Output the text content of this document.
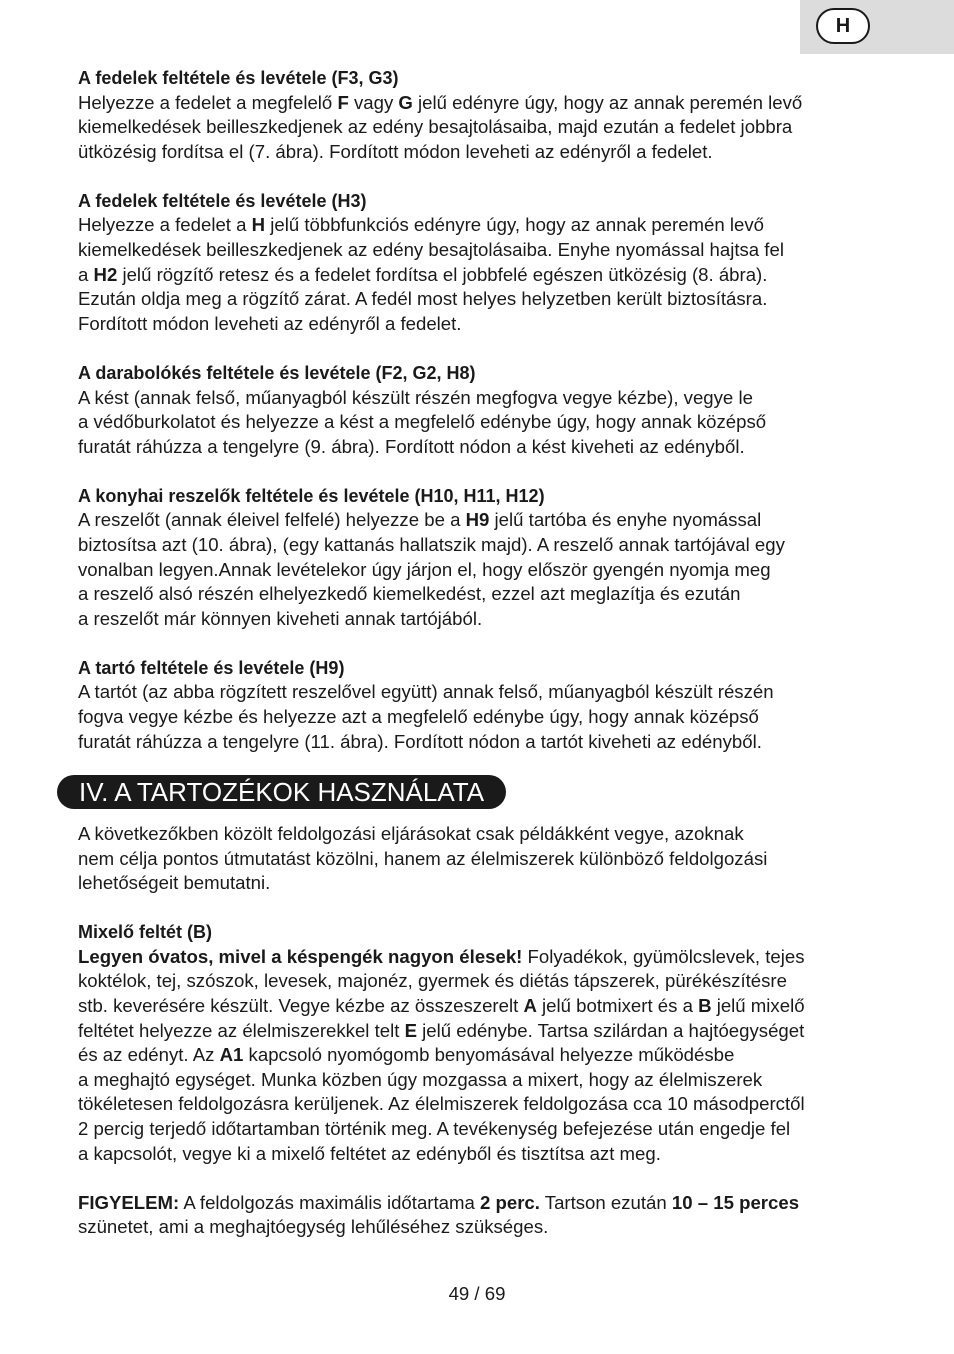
H
A fedelek feltétele és levétele (F3, G3)

Helyezze a fedelet a megfelelő F vagy G jelű edényre úgy, hogy az annak peremén levő

kiemelkedések beilleszkedjenek az edény besajtolásaiba, majd ezután a fedelet jobbra

ütközésig fordítsa el (7. ábra). Fordított módon leveheti az edényről a fedelet.

A fedelek feltétele és levétele (H3)

Helyezze a fedelet a H jelű többfunkciós edényre úgy, hogy az annak peremén levő

kiemelkedések beilleszkedjenek az edény besajtolásaiba. Enyhe nyomással hajtsa fel

a H2 jelű rögzítő retesz és a fedelet fordítsa el jobbfelé egészen ütközésig (8. ábra).

Ezután oldja meg a rögzítő zárat. A fedél most helyes helyzetben került biztosításra.

Fordított módon leveheti az edényről a fedelet.

A darabolókés feltétele és levétele (F2, G2, H8)

A kést (annak felső, műanyagból készült részén megfogva vegye kézbe), vegye le

a védőburkolatot és helyezze a kést a megfelelő edénybe úgy, hogy annak középső

furatát ráhúzza a tengelyre (9. ábra). Fordított nódon a kést kiveheti az edényből.

A konyhai reszelők feltétele és levétele (H10, H11, H12)

A reszelőt (annak éleivel felfelé) helyezze be a H9 jelű tartóba és enyhe nyomással

biztosítsa azt (10. ábra), (egy kattanás hallatszik majd). A reszelő annak tartójával egy

vonalban legyen.Annak levételekor úgy járjon el, hogy először gyengén nyomja meg

a reszelő alsó részén elhelyezkedő kiemelkedést, ezzel azt meglazítja és ezután

a reszelőt már könnyen kiveheti annak tartójából.

A tartó feltétele és levétele (H9)

A tartót (az abba rögzített reszelővel együtt) annak felső, műanyagból készült részén

fogva vegye kézbe és helyezze azt a megfelelő edénybe úgy, hogy annak középső

furatát ráhúzza a tengelyre (11. ábra). Fordított nódon a tartót kiveheti az edényből.

IV. A TARTOZÉKOK HASZNÁLATA

A következőkben közölt feldolgozási eljárásokat csak példákként vegye, azoknak

nem célja pontos útmutatást közölni, hanem az élelmiszerek különböző feldolgozási

lehetőségeit bemutatni.

Mixelő feltét (B)

Legyen óvatos, mivel a késpengék nagyon élesek! Folyadékok, gyümölcslevek, tejes

koktélok, tej, szószok, levesek, majonéz, gyermek és diétás tápszerek, pürékészítésre

stb. keverésére készült. Vegye kézbe az összeszerelt A jelű botmixert és a B jelű mixelő

feltétet helyezze az élelmiszerekkel telt E jelű edénybe. Tartsa szilárdan a hajtóegységet

és az edényt. Az A1 kapcsoló nyomógomb benyomásával helyezze működésbe

a meghajtó egységet. Munka közben úgy mozgassa a mixert, hogy az élelmiszerek

tökéletesen feldolgozásra kerüljenek. Az élelmiszerek feldolgozása cca 10 másodperctől

2 percig terjedő időtartamban történik meg. A tevékenység befejezése után engedje fel

a kapcsolót, vegye ki a mixelő feltétet az edényből és tisztítsa azt meg.

FIGYELEM: A feldolgozás maximális időtartama 2 perc. Tartson ezután 10 – 15 perces

szünetet, ami a meghajtóegység lehűléséhez szükséges.

49 / 69
